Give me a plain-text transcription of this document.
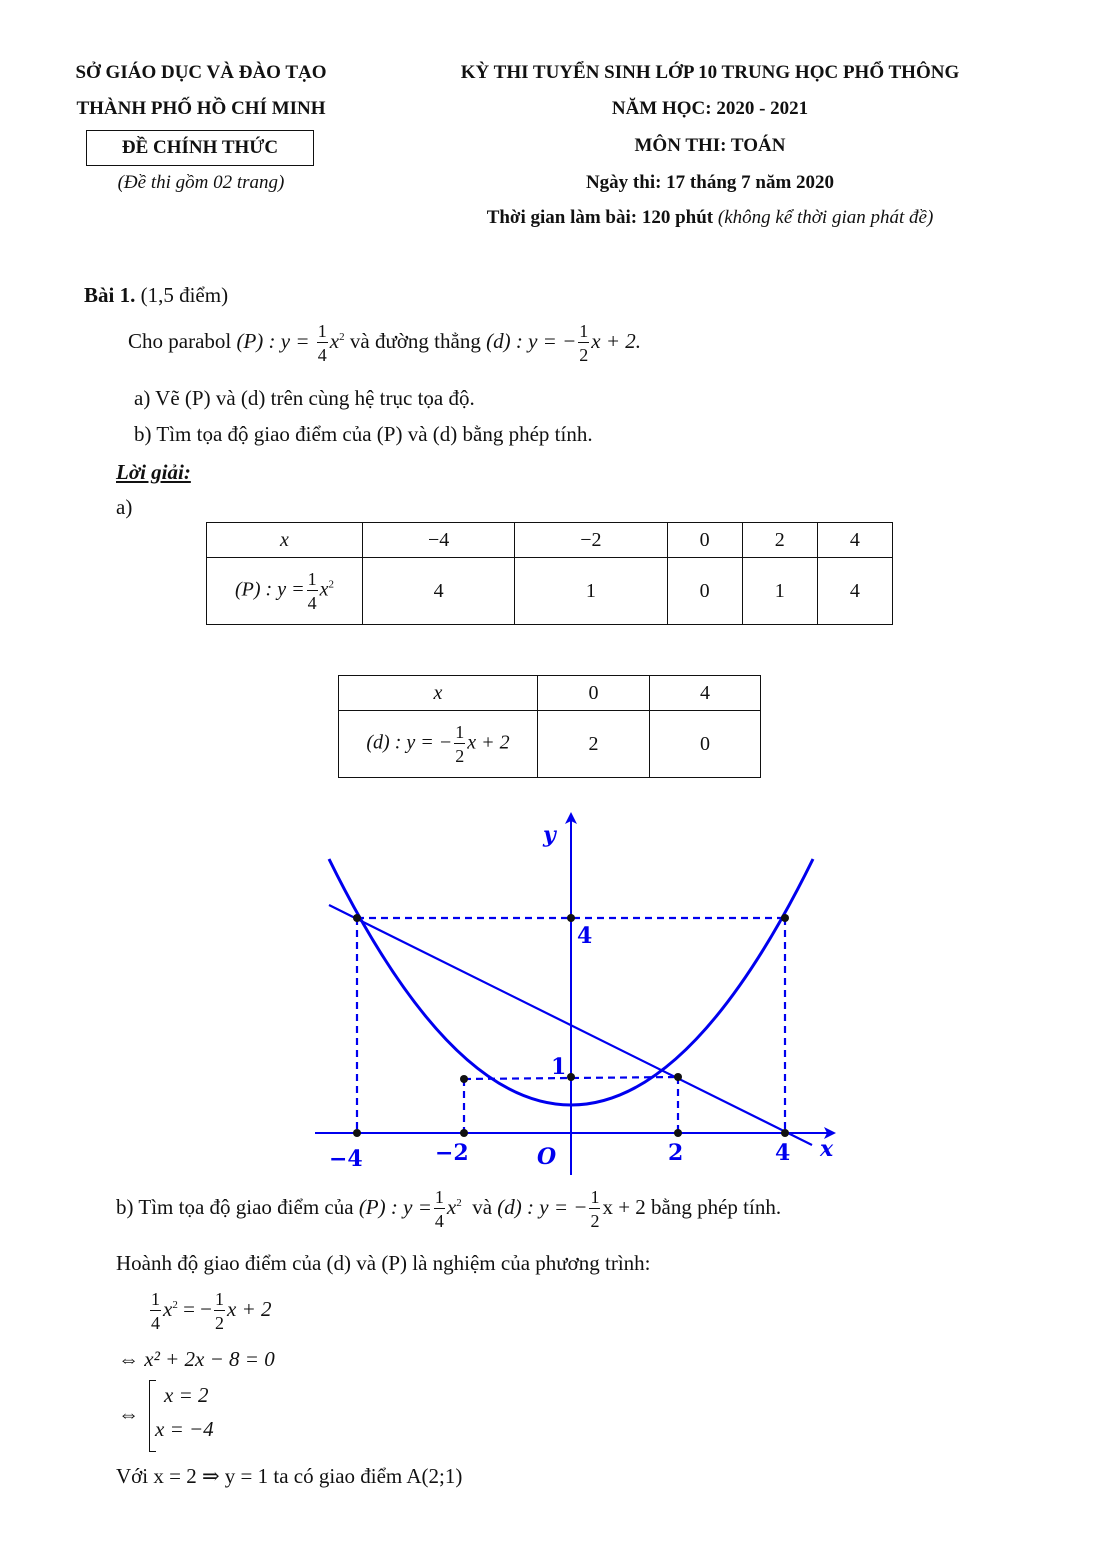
SỞ GIÁO DỤC VÀ ĐÀO TẠO
THÀNH PHỐ HỒ CHÍ MINH
ĐỀ CHÍNH THỨC
(Đề thi gồm 02 trang)
KỲ THI TUYỂN SINH LỚP 10 TRUNG HỌC PHỔ THÔNG
NĂM HỌC: 2020 - 2021
MÔN THI: TOÁN
Ngày thi: 17 tháng 7 năm 2020
Thời gian làm bài: 120 phút (không kể thời gian phát đề)
Bài 1. (1,5 điểm)
Cho parabol (P) : $y = \frac{1}{4} x^2$ và đường thẳng (d) : y = − $\frac{1}{2}$ x + 2.
a) Vẽ (P) và (d) trên cùng hệ trục tọa độ.
b) Tìm tọa độ giao điểm của (P) và (d) bằng phép tính.
Lời giải:
a)
x	−4	−2	0	2	4
(P) : $y = \frac{1}{4} x^2$	4	1	0	1	4
x	0	4
(d) : y = − $\frac{1}{2}$ x + 2	2	0
y
x
O
−4	−2	2	4
4
1
b) Tìm tọa độ giao điểm của (P) : $y = \frac{1}{4} x^2$ và (d) : y = − $\frac{1}{2}$ x + 2 bằng phép tính.
Hoành độ giao điểm của (d) và (P) là nghiệm của phương trình:
$\frac{1}{4} x^2$ = − $\frac{1}{2}$ x + 2
⇔ x² + 2x − 8 = 0
⇔
x = 2
x = −4
Với x = 2 ⇒ y = 1 ta có giao điểm A(2;1)
